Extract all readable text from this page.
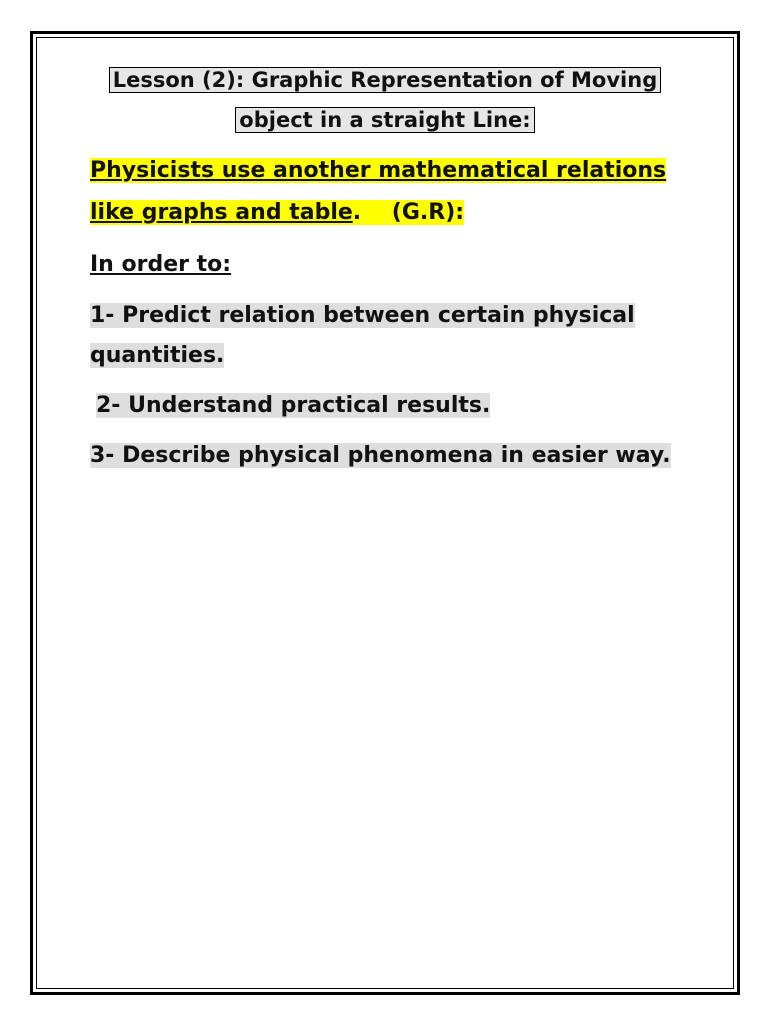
Lesson (2): Graphic Representation of Moving
object in a straight Line:
Physicists use another mathematical relations like graphs and table. (G.R):
In order to:
1- Predict relation between certain physical quantities.
2- Understand practical results.
3- Describe physical phenomena in easier way.
